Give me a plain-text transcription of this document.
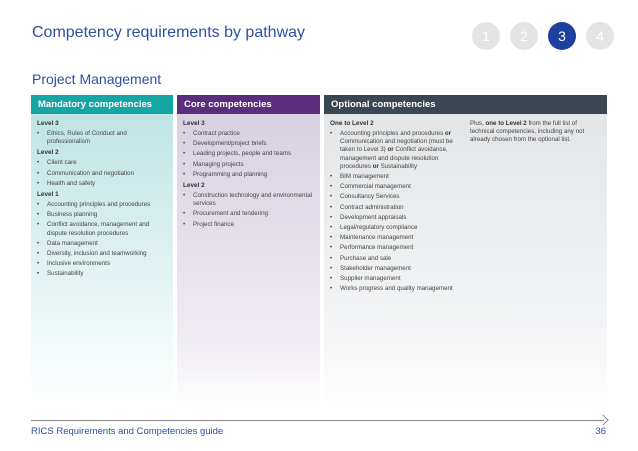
Competency requirements by pathway	1	2	3	4
Project Management
Mandatory competencies
Level 3
• Ethics, Rules of Conduct and professionalism
Level 2
• Client care
• Communication and negotiation
• Health and safety
Level 1
• Accounting principles and procedures
• Business planning
• Conflict avoidance, management and dispute resolution procedures
• Data management
• Diversity, inclusion and teamworking
• Inclusive environments
• Sustainability
Core competencies
Level 3
• Contract practice
• Development/project briefs
• Leading projects, people and teams
• Managing projects
• Programming and planning
Level 2
• Construction technology and environmental services
• Procurement and tendering
• Project finance
Optional competencies
One to Level 2
• Accounting principles and procedures or Communication and negotiation (must be taken to Level 3) or Conflict avoidance, management and dispute resolution procedures or Sustainability
• BIM management
• Commercial management
• Consultancy Services
• Contract administration
• Development appraisals
• Legal/regulatory compliance
• Maintenance management
• Performance management
• Purchase and sale
• Stakeholder management
• Supplier management
• Works progress and quality management
Plus, one to Level 2 from the full list of technical competencies, including any not already chosen from the optional list.
RICS Requirements and Competencies guide	36
